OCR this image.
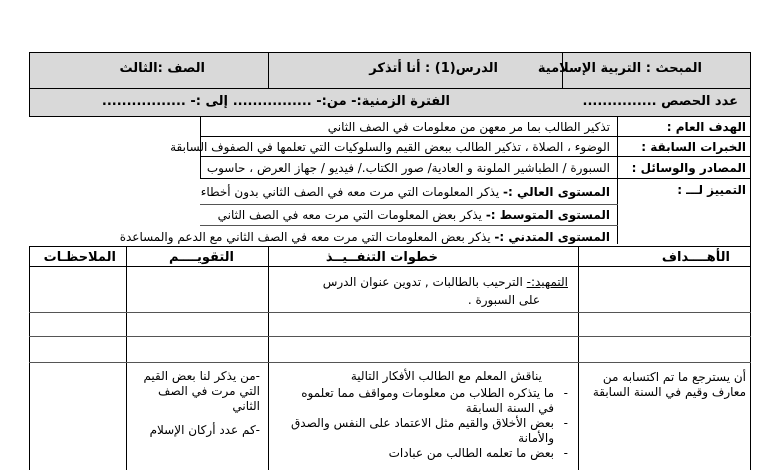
المبحث : التربية الإسلامية
الدرس(1) : أنا أتذكر
الصف :الثالث
عدد الحصص ...............
الفترة الزمنية:- من:- ................
إلى :- .................
الهدف العام :
تذكير الطالب بما مر معهن من معلومات في الصف الثاني
الخبرات السابقة :
الوضوء ، الصلاة ، تذكير الطالب ببعض القيم والسلوكيات التي تعلمها في الصفوف السابقة
المصادر والوسائل :
السبورة / الطباشير الملونة و العادية/ صور الكتاب./ فيديو / جهاز العرض ، حاسوب
التمييز لـــ :
المستوى العالي :- يذكر المعلومات التي مرت معه في الصف الثاني بدون أخطاء
المستوى المتوسط :- يذكر بعض المعلومات التي مرت معه في الصف الثاني
المستوى المتدني :- يذكر بعض المعلومات التي مرت معه في الصف الثاني مع الدعم والمساعدة
الأهــــداف
خطوات التنفــيــذ
التقويــــم
الملاحظـات
التمهيد:- الترحيب بالطالبات , تدوين عنوان الدرس
على السبورة .
أن يسترجع ما تم اكتسابه من معارف وقيم في السنة السابقة
يناقش المعلم مع الطالب الأفكار التالية
- ما يتذكره الطلاب من معلومات ومواقف مما تعلموه في السنة السابقة
- بعض الأخلاق والقيم مثل الاعتماد على النفس والصدق والأمانة
- بعض ما تعلمه الطالب من عبادات
-من يذكر لنا بعض القيم التي مرت في الصف الثاني
-كم عدد أركان الإسلام
